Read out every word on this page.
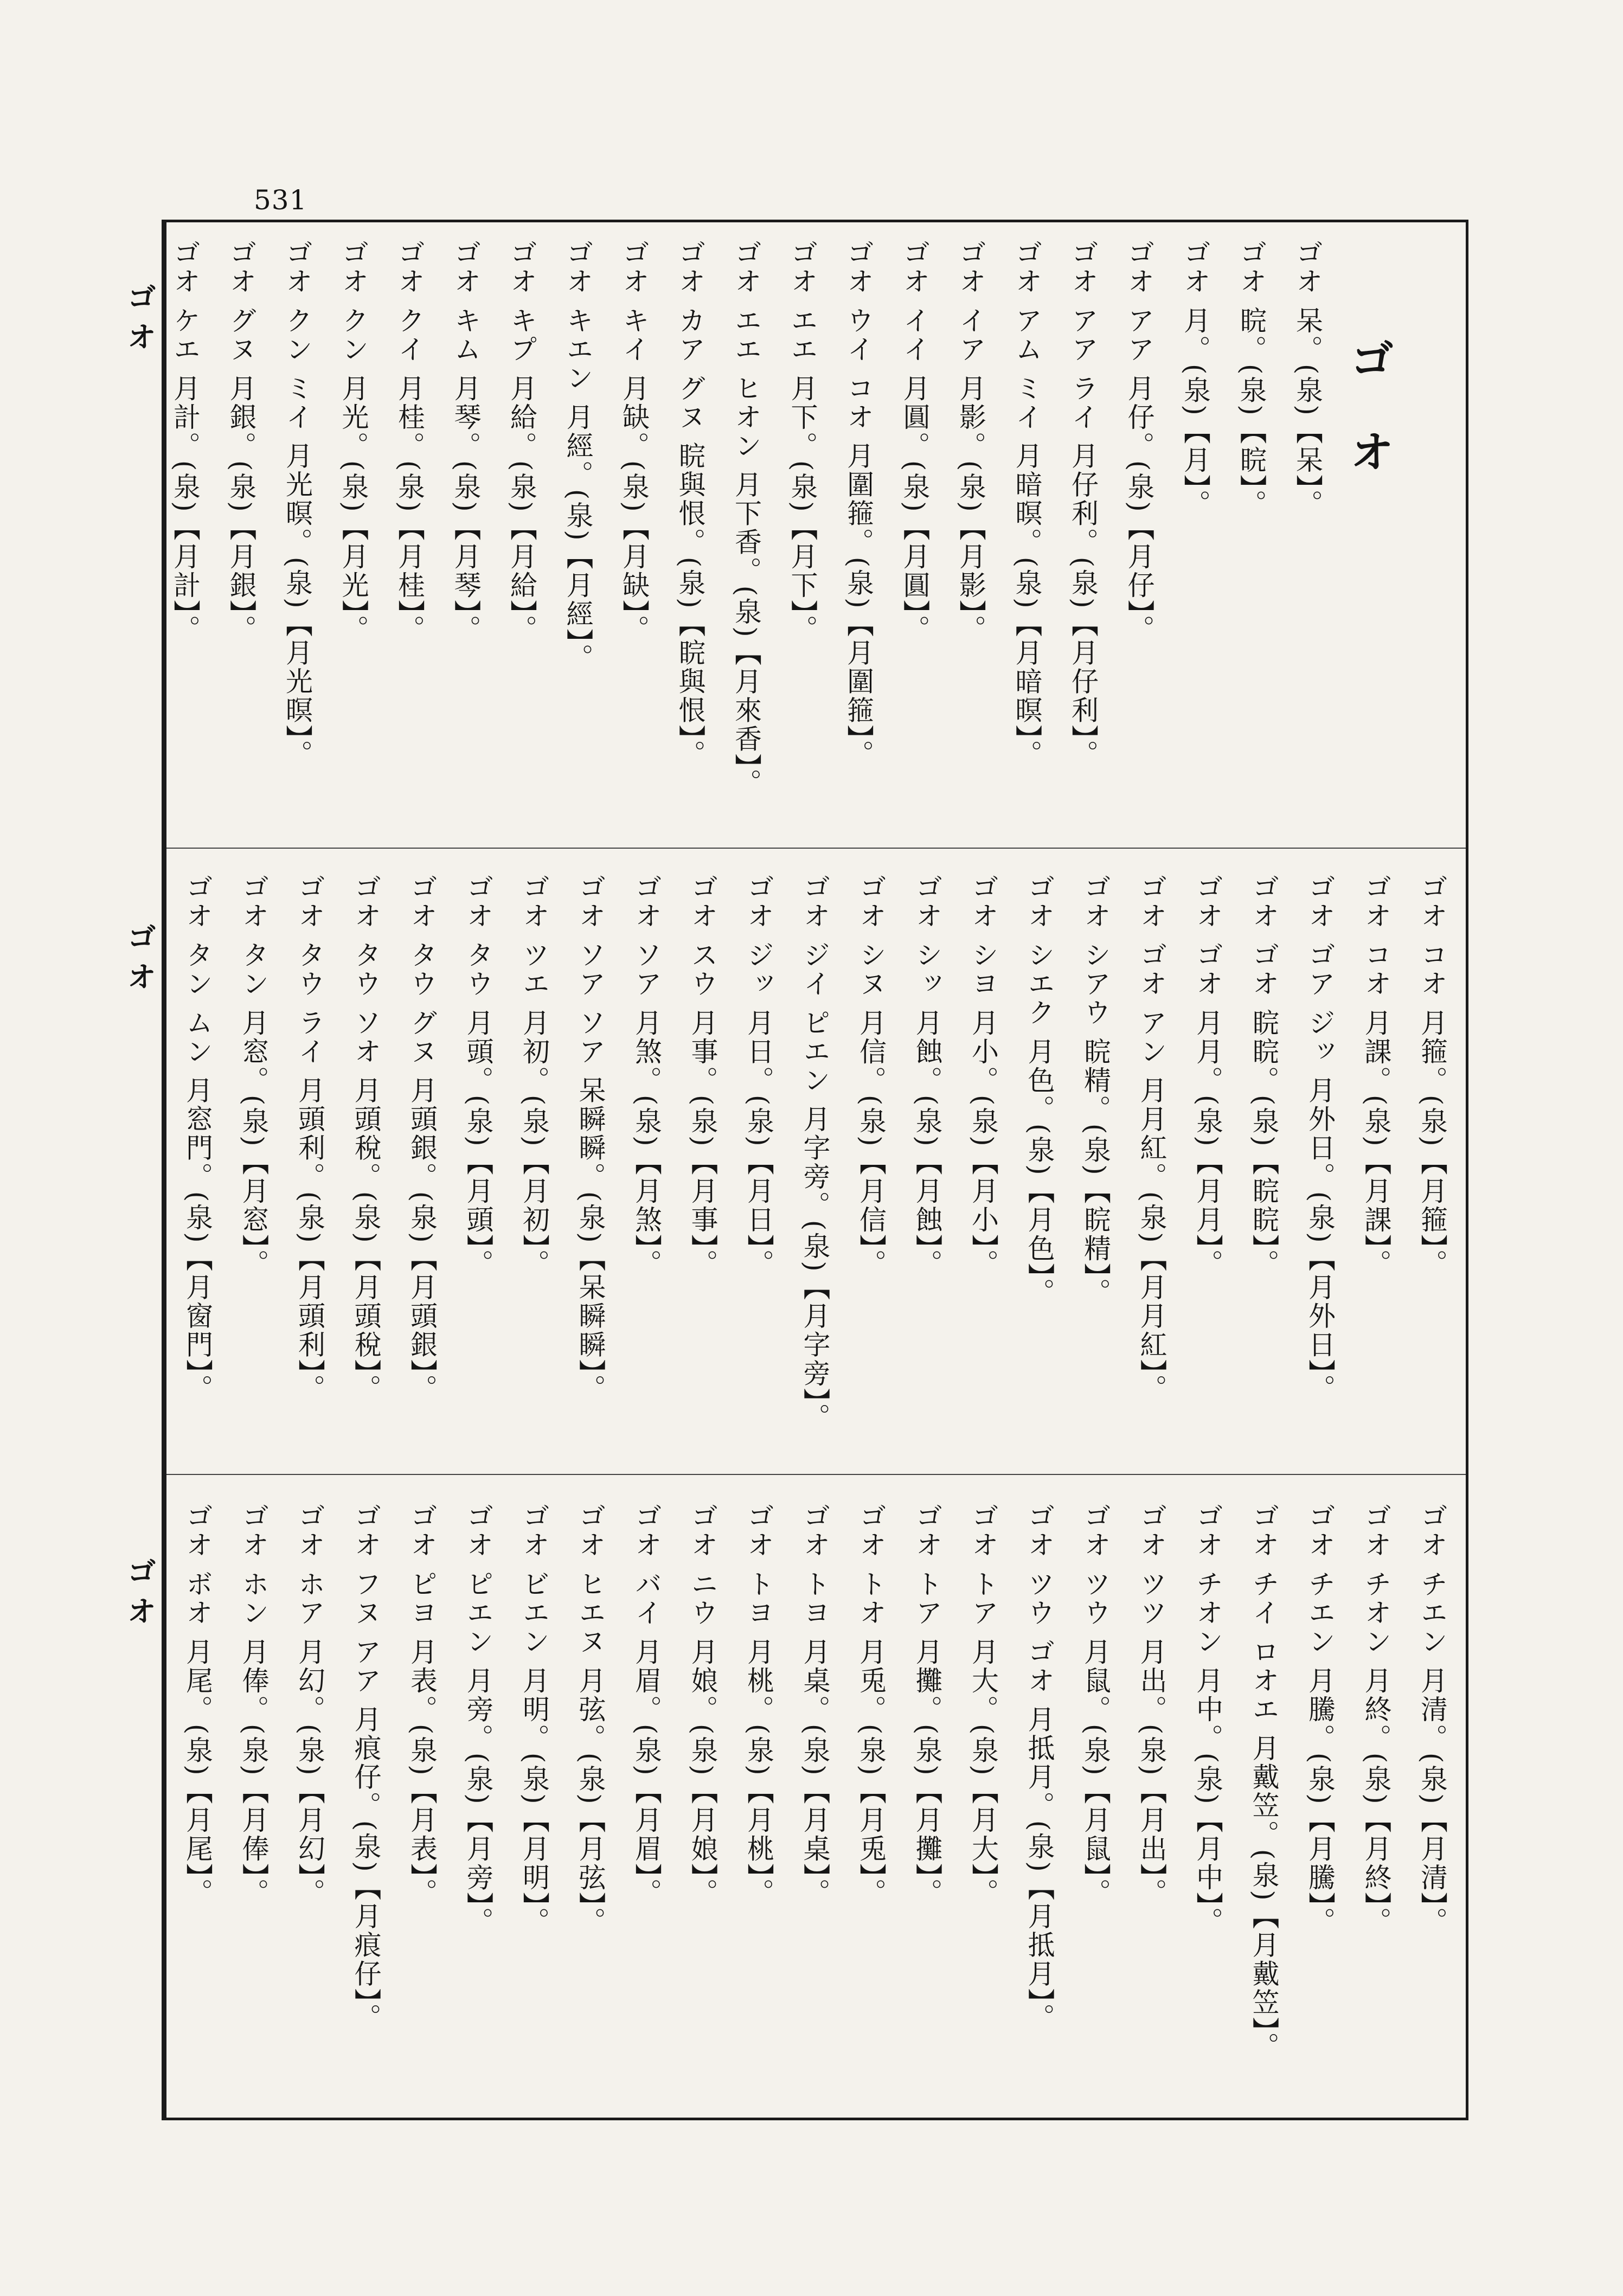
531
ゴ オ
ゴ オ
ゴ オ
ゴ オ
ゴオ 呆。(泉)【呆】。
ゴオ 睆。(泉)【睆】。
ゴオ 月。(泉)【月】。
ゴオ アア 月仔。(泉)【月仔】。
ゴオ アア ライ 月仔利。(泉)【月仔利】。
ゴオ アム ミイ 月暗暝。(泉)【月暗暝】。
ゴオ イア 月影。(泉)【月影】。
ゴオ イイ 月圓。(泉)【月圓】。
ゴオ ウイ コオ 月圍箍。(泉)【月圍箍】。
ゴオ エエ 月下。(泉)【月下】。
ゴオ エエ ヒオン 月下香。(泉)【月來香】。
ゴオ カア グヌ 睆與恨。(泉)【睆與恨】。
ゴオ キイ 月缺。(泉)【月缺】。
ゴオ キエン 月經。(泉)【月經】。
ゴオ キプ 月給。(泉)【月給】。
ゴオ キム 月琴。(泉)【月琴】。
ゴオ クイ 月桂。(泉)【月桂】。
ゴオ クン 月光。(泉)【月光】。
ゴオ クン ミイ 月光暝。(泉)【月光暝】。
ゴオ グヌ 月銀。(泉)【月銀】。
ゴオ ケエ 月計。(泉)【月計】。
ゴオ コオ 月箍。(泉)【月箍】。
ゴオ コオ 月課。(泉)【月課】。
ゴオ ゴア ジッ 月外日。(泉)【月外日】。
ゴオ ゴオ 睆睆。(泉)【睆睆】。
ゴオ ゴオ 月月。(泉)【月月】。
ゴオ ゴオ アン 月月紅。(泉)【月月紅】。
ゴオ シアウ 睆精。(泉)【睆精】。
ゴオ シエク 月色。(泉)【月色】。
ゴオ シヨ 月小。(泉)【月小】。
ゴオ シッ 月蝕。(泉)【月蝕】。
ゴオ シヌ 月信。(泉)【月信】。
ゴオ ジイ ピエン 月字旁。(泉)【月字旁】。
ゴオ ジッ 月日。(泉)【月日】。
ゴオ スウ 月事。(泉)【月事】。
ゴオ ソア 月煞。(泉)【月煞】。
ゴオ ソア ソア 呆瞬瞬。(泉)【呆瞬瞬】。
ゴオ ツエ 月初。(泉)【月初】。
ゴオ タウ 月頭。(泉)【月頭】。
ゴオ タウ グヌ 月頭銀。(泉)【月頭銀】。
ゴオ タウ ソオ 月頭稅。(泉)【月頭稅】。
ゴオ タウ ライ 月頭利。(泉)【月頭利】。
ゴオ タン 月窓。(泉)【月窓】。
ゴオ タン ムン 月窓門。(泉)【月窗門】。
ゴオ チエン 月清。(泉)【月清】。
ゴオ チオン 月終。(泉)【月終】。
ゴオ チエン 月騰。(泉)【月騰】。
ゴオ チイ ロオエ 月戴笠。(泉)【月戴笠】。
ゴオ チオン 月中。(泉)【月中】。
ゴオ ツツ 月出。(泉)【月出】。
ゴオ ツウ 月鼠。(泉)【月鼠】。
ゴオ ツウ ゴオ 月抵月。(泉)【月抵月】。
ゴオ トア 月大。(泉)【月大】。
ゴオ トア 月攤。(泉)【月攤】。
ゴオ トオ 月兎。(泉)【月兎】。
ゴオ トヨ 月桌。(泉)【月桌】。
ゴオ トヨ 月桃。(泉)【月桃】。
ゴオ ニウ 月娘。(泉)【月娘】。
ゴオ バイ 月眉。(泉)【月眉】。
ゴオ ヒエヌ 月弦。(泉)【月弦】。
ゴオ ビエン 月明。(泉)【月明】。
ゴオ ピエン 月旁。(泉)【月旁】。
ゴオ ピヨ 月表。(泉)【月表】。
ゴオ フヌ アア 月痕仔。(泉)【月痕仔】。
ゴオ ホア 月幻。(泉)【月幻】。
ゴオ ホン 月俸。(泉)【月俸】。
ゴオ ボオ 月尾。(泉)【月尾】。
